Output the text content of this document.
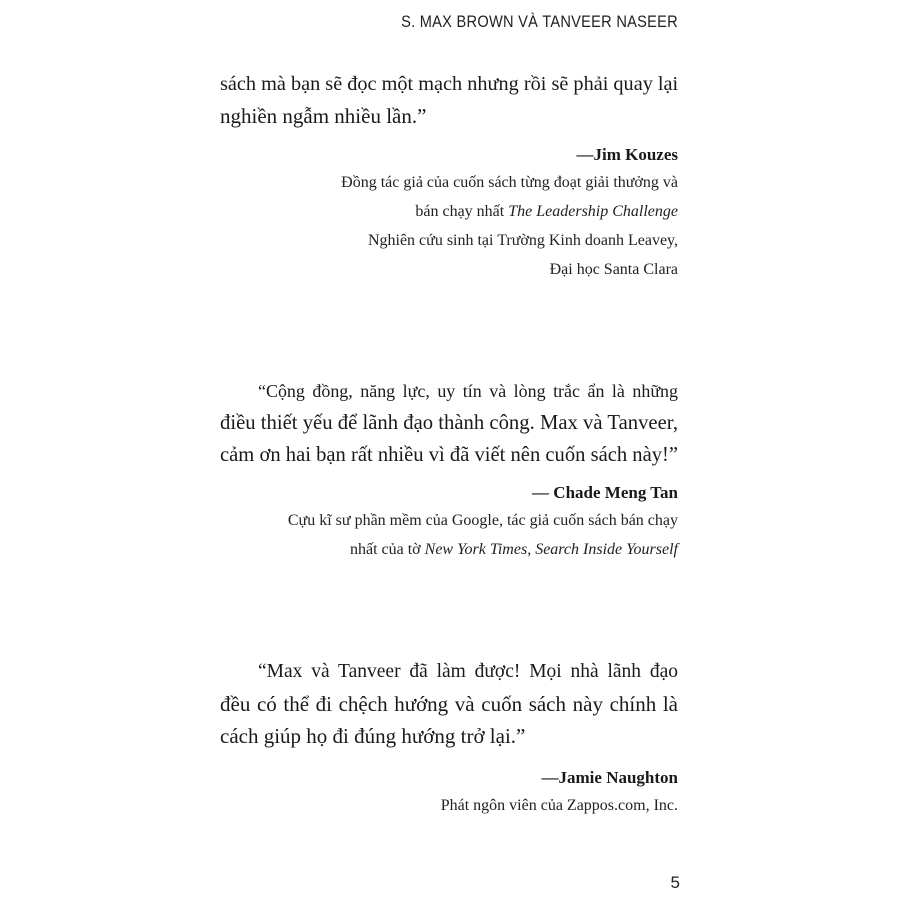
S. MAX BROWN VÀ TANVEER NASEER

sách mà bạn sẽ đọc một mạch nhưng rồi sẽ phải quay lại
nghiền ngẫm nhiều lần.”

—Jim Kouzes
Đồng tác giả của cuốn sách từng đoạt giải thưởng và
bán chạy nhất The Leadership Challenge
Nghiên cứu sinh tại Trường Kinh doanh Leavey,
Đại học Santa Clara

“Cộng đồng, năng lực, uy tín và lòng trắc ẩn là những
điều thiết yếu để lãnh đạo thành công. Max và Tanveer,
cảm ơn hai bạn rất nhiều vì đã viết nên cuốn sách này!”

— Chade Meng Tan
Cựu kĩ sư phần mềm của Google, tác giả cuốn sách bán chạy
nhất của tờ New York Times, Search Inside Yourself

“Max và Tanveer đã làm được! Mọi nhà lãnh đạo
đều có thể đi chệch hướng và cuốn sách này chính là
cách giúp họ đi đúng hướng trở lại.”

—Jamie Naughton
Phát ngôn viên của Zappos.com, Inc.
5
